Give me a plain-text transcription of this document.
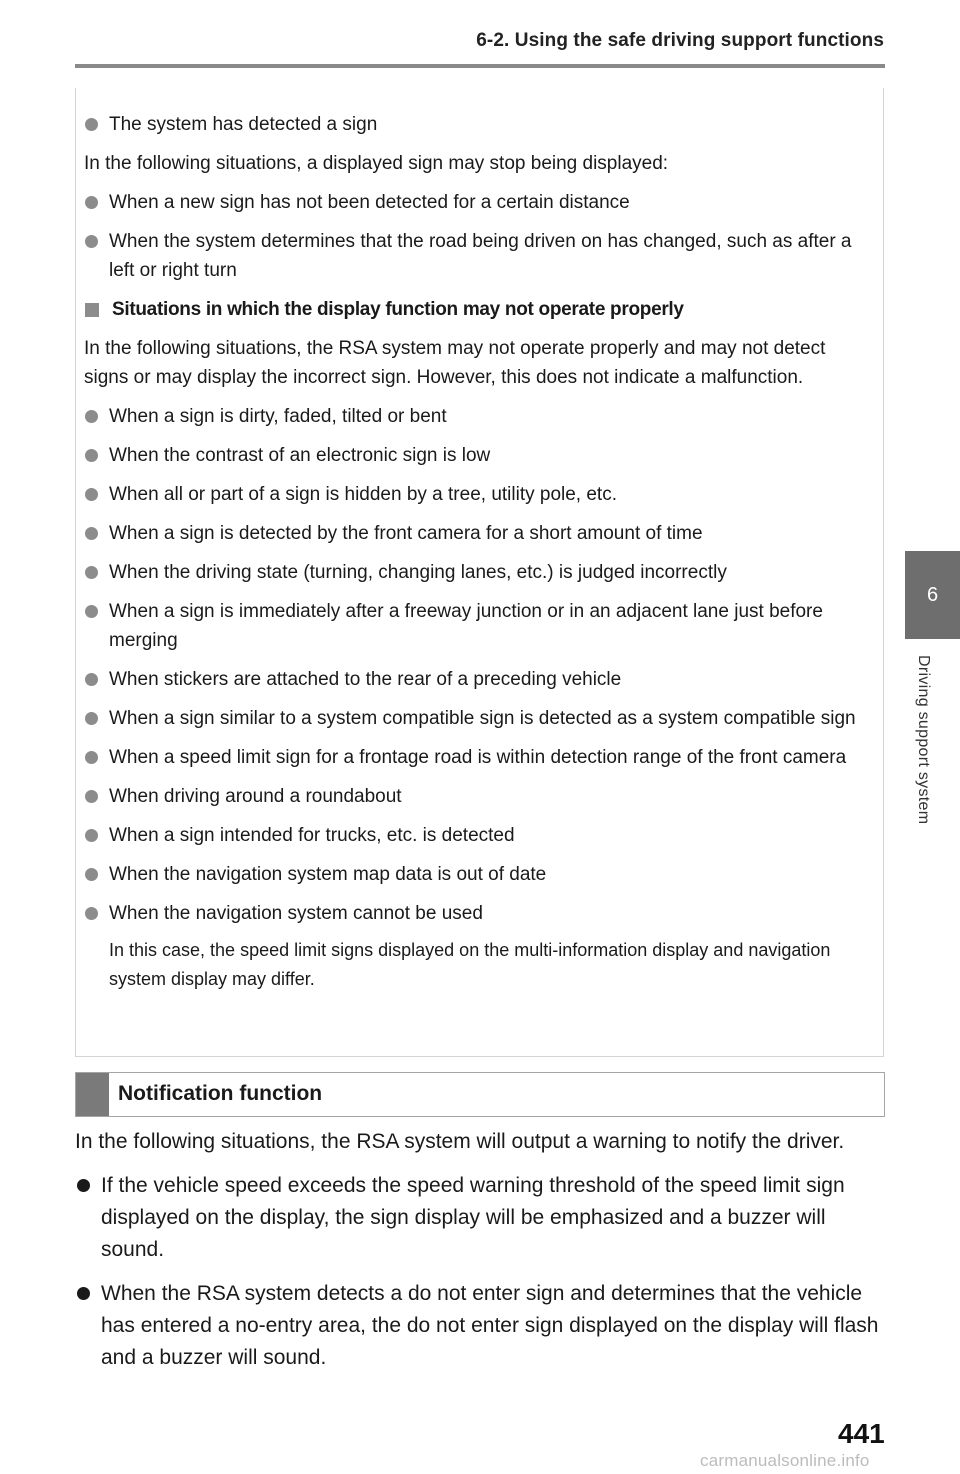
6-2. Using the safe driving support functions
6
Driving support system
The system has detected a sign
In the following situations, a displayed sign may stop being displayed:
When a new sign has not been detected for a certain distance
When the system determines that the road being driven on has changed, such as after a left or right turn
Situations in which the display function may not operate properly
In the following situations, the RSA system may not operate properly and may not detect signs or may display the incorrect sign. However, this does not indicate a malfunction.
When a sign is dirty, faded, tilted or bent
When the contrast of an electronic sign is low
When all or part of a sign is hidden by a tree, utility pole, etc.
When a sign is detected by the front camera for a short amount of time
When the driving state (turning, changing lanes, etc.) is judged incorrectly
When a sign is immediately after a freeway junction or in an adjacent lane just before merging
When stickers are attached to the rear of a preceding vehicle
When a sign similar to a system compatible sign is detected as a system compatible sign
When a speed limit sign for a frontage road is within detection range of the front camera
When driving around a roundabout
When a sign intended for trucks, etc. is detected
When the navigation system map data is out of date
When the navigation system cannot be used
In this case, the speed limit signs displayed on the multi-information display and navigation system display may differ.
Notification function
In the following situations, the RSA system will output a warning to notify the driver.
If the vehicle speed exceeds the speed warning threshold of the speed limit sign displayed on the display, the sign display will be emphasized and a buzzer will sound.
When the RSA system detects a do not enter sign and determines that the vehicle has entered a no-entry area, the do not enter sign displayed on the display will flash and a buzzer will sound.
441
carmanualsonline.info
